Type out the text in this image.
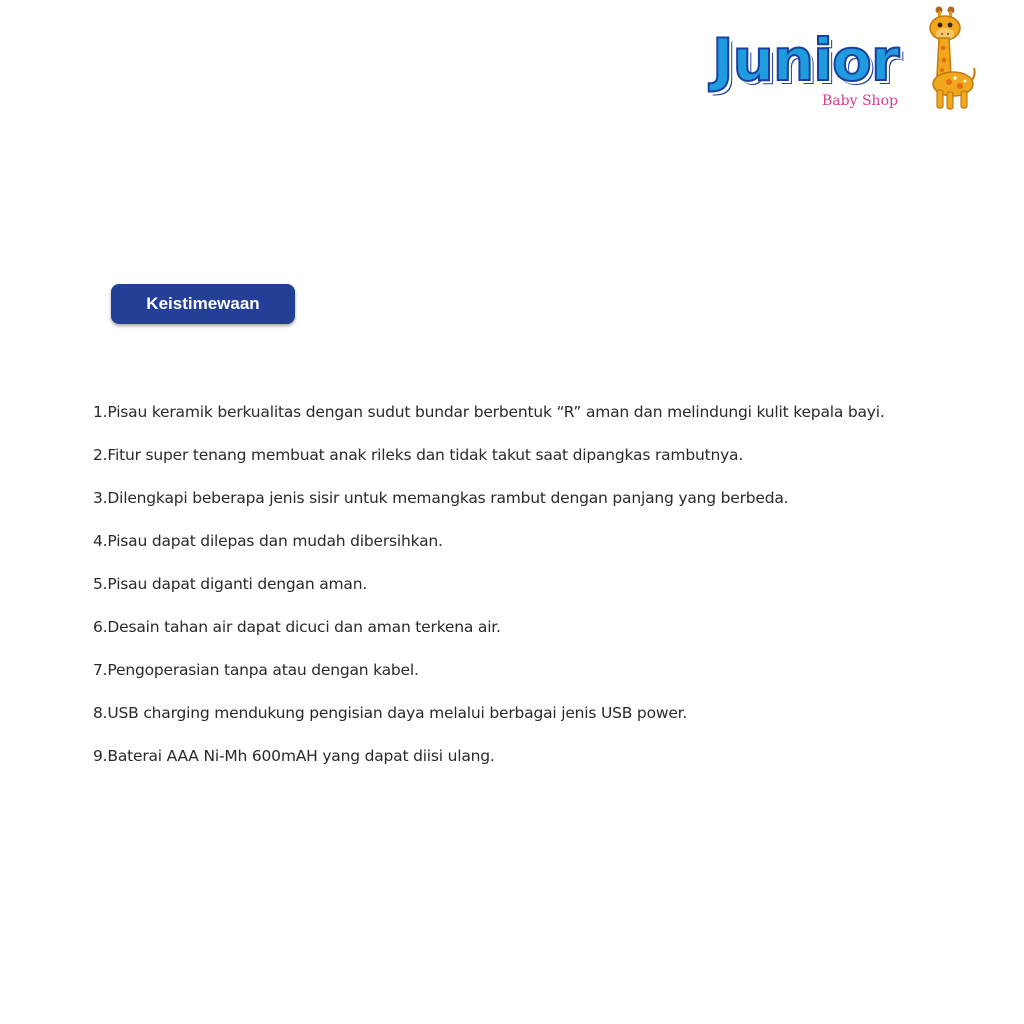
Junior
Baby Shop
Keistimewaan
1.Pisau keramik berkualitas dengan sudut bundar berbentuk “R” aman dan melindungi kulit kepala bayi.
2.Fitur super tenang membuat anak rileks dan tidak takut saat dipangkas rambutnya.
3.Dilengkapi beberapa jenis sisir untuk memangkas rambut dengan panjang yang berbeda.
4.Pisau dapat dilepas dan mudah dibersihkan.
5.Pisau dapat diganti dengan aman.
6.Desain tahan air dapat dicuci dan aman terkena air.
7.Pengoperasian tanpa atau dengan kabel.
8.USB charging mendukung pengisian daya melalui berbagai jenis USB power.
9.Baterai AAA Ni-Mh 600mAH yang dapat diisi ulang.
